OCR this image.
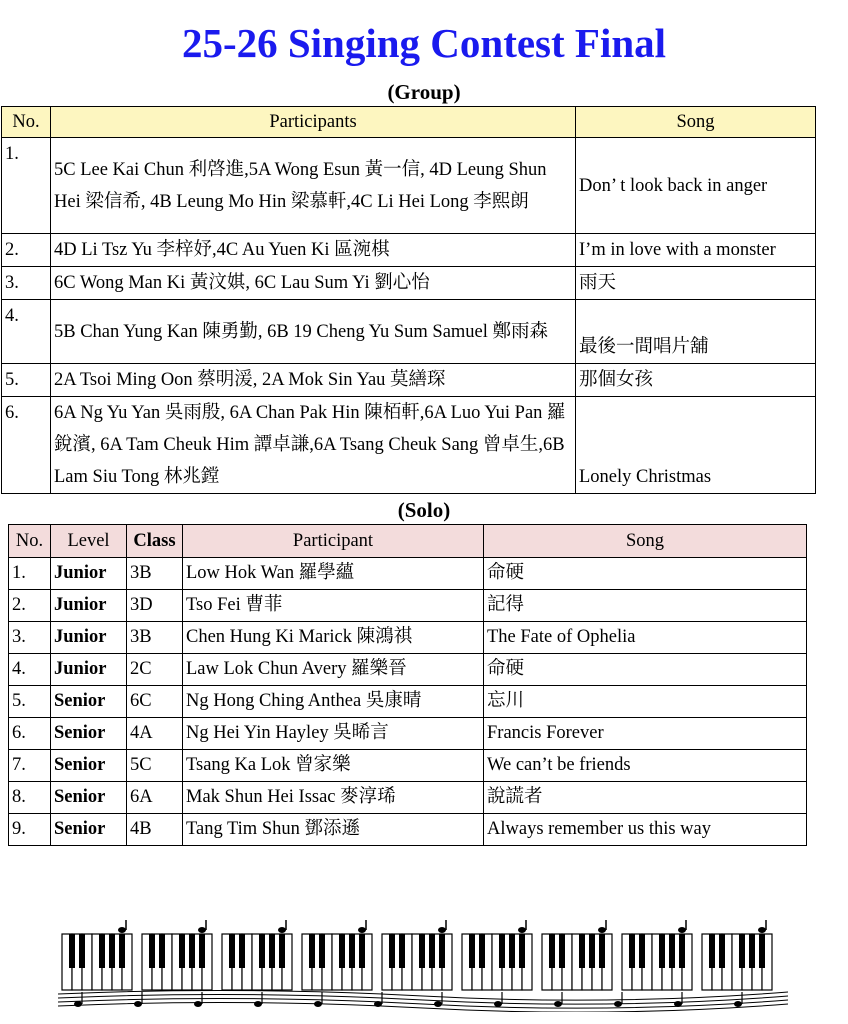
25-26 Singing Contest Final
(Group)
No.	Participants	Song
1.	5C Lee Kai Chun 利啓進,5A Wong Esun 黃一信, 4D Leung Shun Hei 梁信希, 4B Leung Mo Hin 梁慕軒,4C Li Hei Long 李熙朗	Don’ t look back in anger
2.	4D Li Tsz Yu 李梓妤,4C Au Yuen Ki 區涴棋	I’m in love with a monster
3.	6C Wong Man Ki 黃汶娸, 6C Lau Sum Yi 劉心怡	雨天
4.	5B Chan Yung Kan 陳勇勤, 6B 19 Cheng Yu Sum Samuel 鄭雨森	最後一間唱片舖
5.	2A Tsoi Ming Oon 蔡明湲, 2A Mok Sin Yau 莫繕琛	那個女孩
6.	6A Ng Yu Yan 吳雨殷, 6A Chan Pak Hin 陳栢軒,6A Luo Yui Pan 羅銳濱, 6A Tam Cheuk Him 譚卓謙,6A Tsang Cheuk Sang 曾卓生,6B Lam Siu Tong 林兆鏜	Lonely Christmas
(Solo)
No.	Level	Class	Participant	Song
1.	Junior	3B	Low Hok Wan 羅學蘊	命硬
2.	Junior	3D	Tso Fei 曹菲	記得
3.	Junior	3B	Chen Hung Ki Marick 陳鴻祺	The Fate of Ophelia
4.	Junior	2C	Law Lok Chun Avery 羅樂晉	命硬
5.	Senior	6C	Ng Hong Ching Anthea 吳康晴	忘川
6.	Senior	4A	Ng Hei Yin Hayley 吳晞言	Francis Forever
7.	Senior	5C	Tsang Ka Lok 曾家樂	We can’t be friends
8.	Senior	6A	Mak Shun Hei Issac 麥淳琋	說謊者
9.	Senior	4B	Tang Tim Shun 鄧添遜	Always remember us this way
